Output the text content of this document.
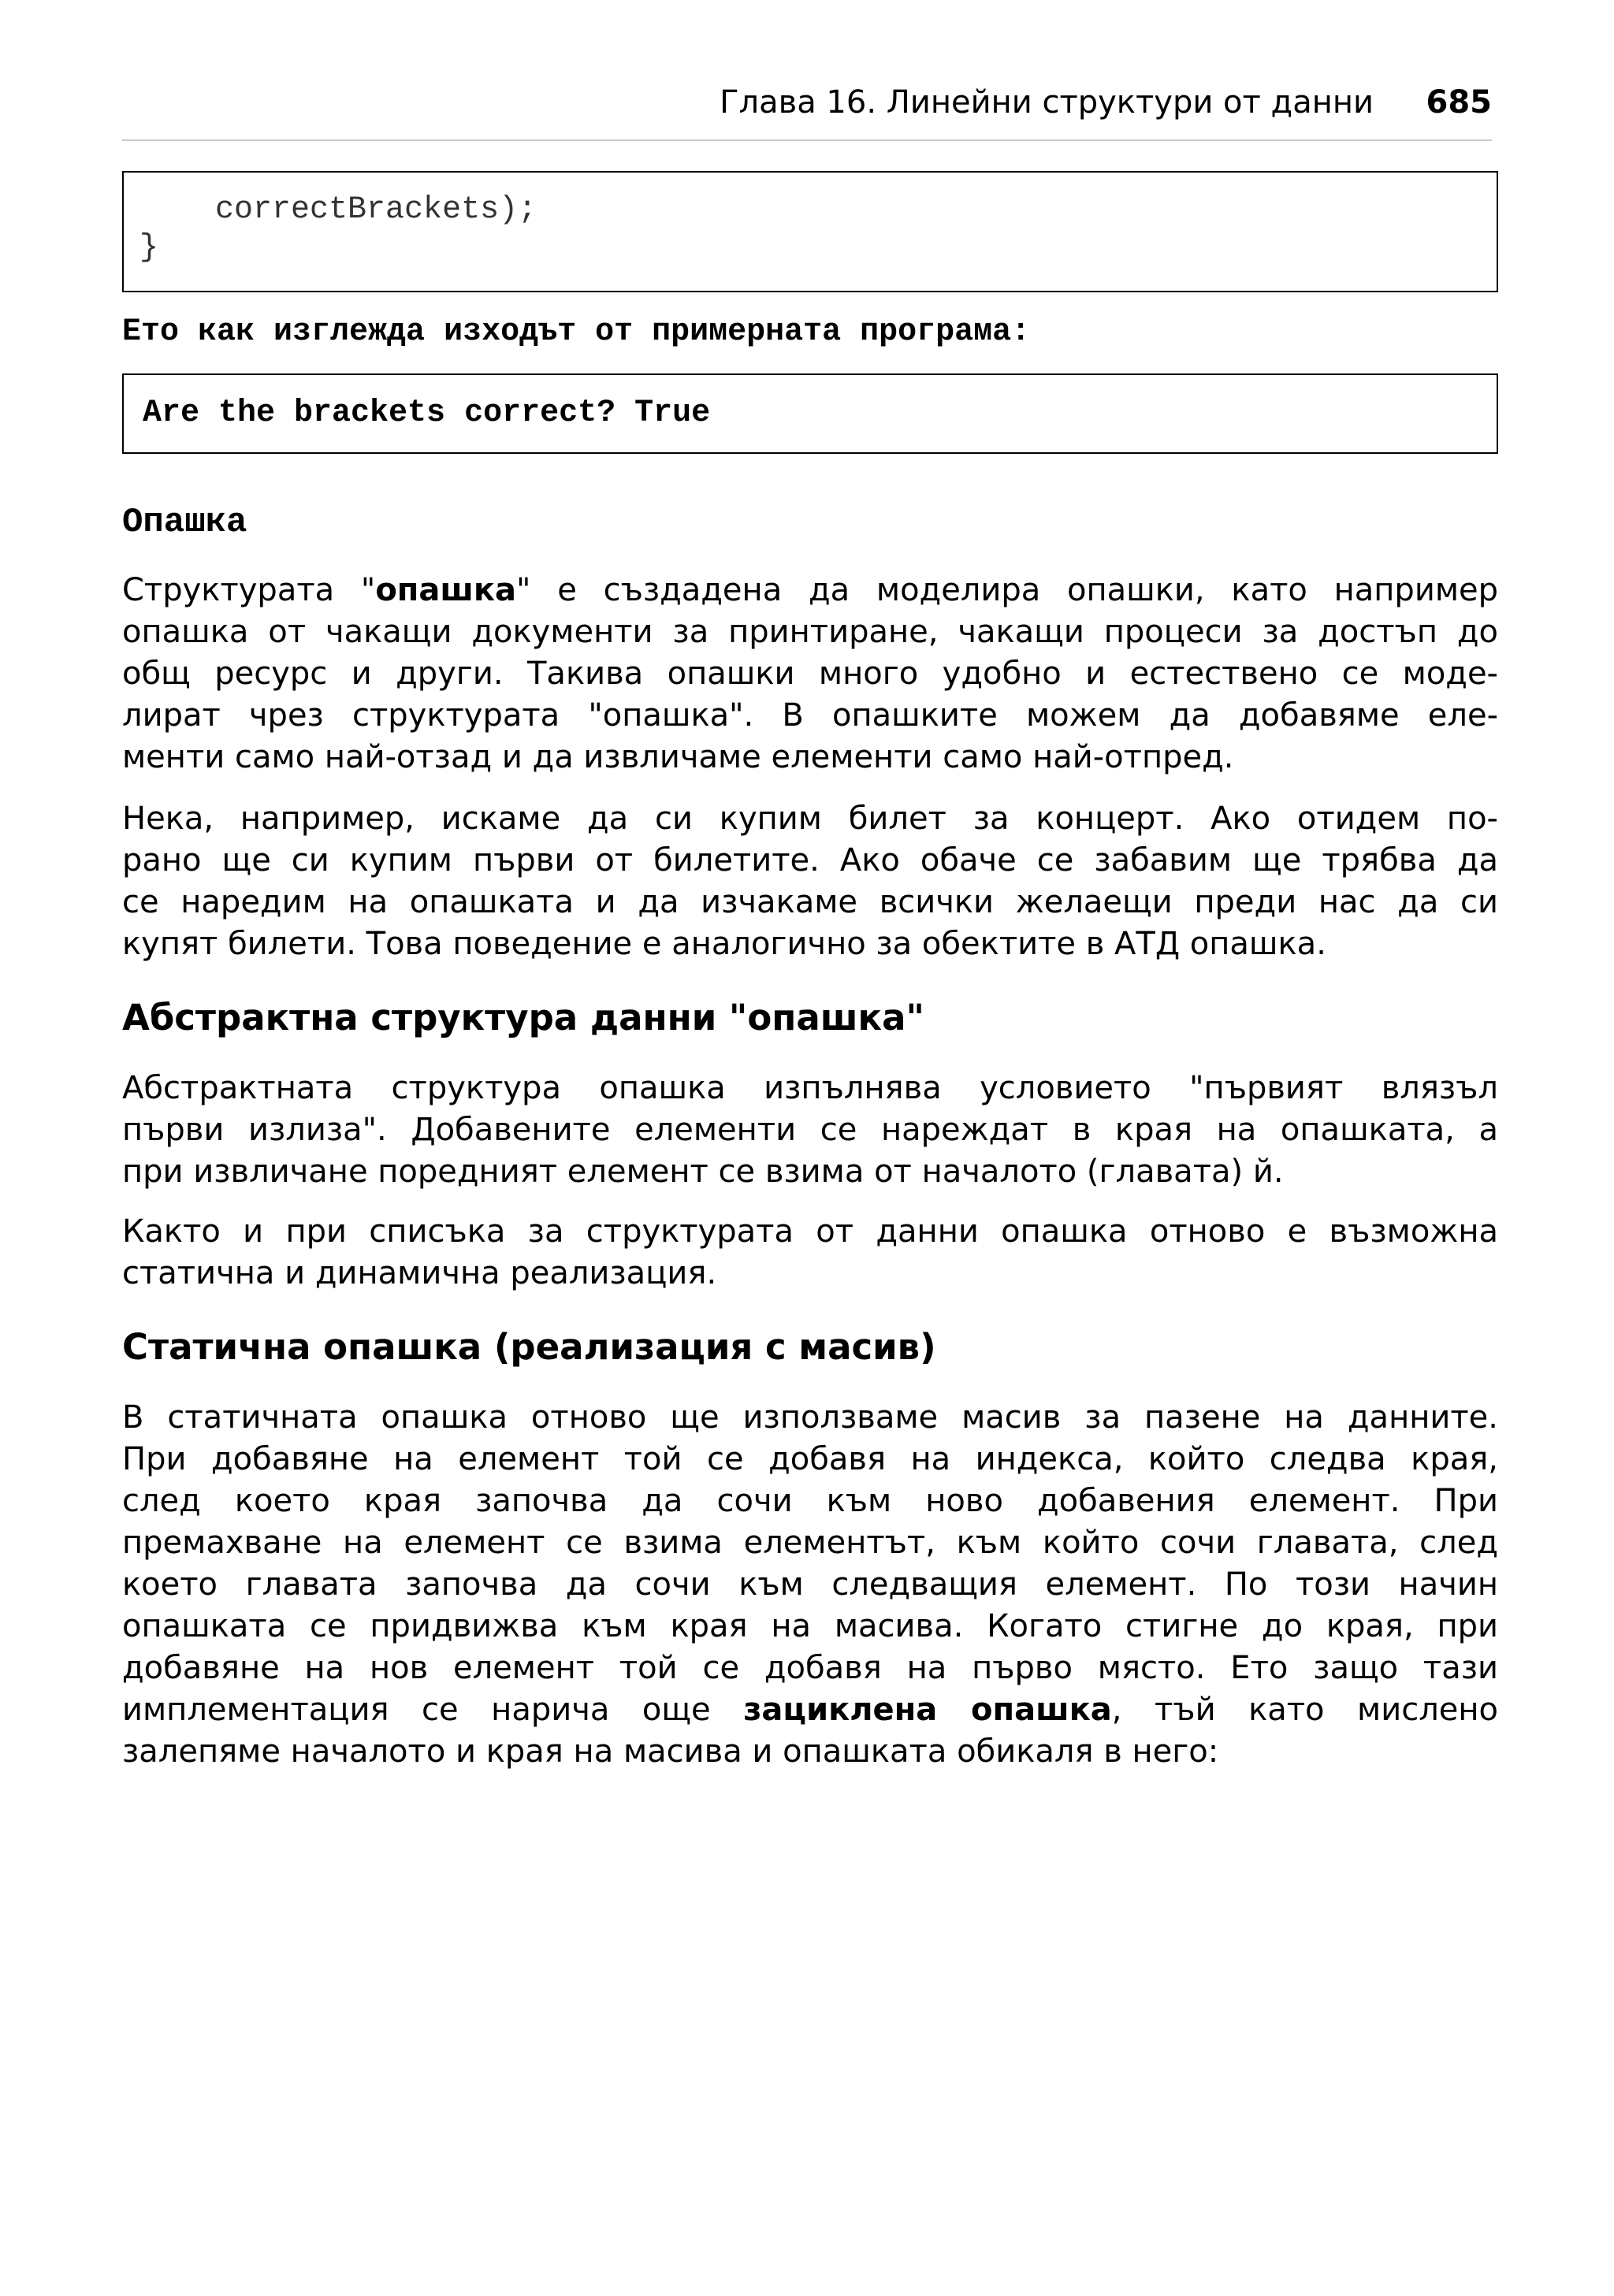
Глава 16. Линейни структури от данни 685
correctBrackets);
}
Ето как изглежда изходът от примерната програма:
Are the brackets correct? True
Опашка
Структурата "опашка" е създадена да моделира опашки, като например
опашка от чакащи документи за принтиране, чакащи процеси за достъп до
общ ресурс и други. Такива опашки много удобно и естествено се моде-
лират чрез структурата "опашка". В опашките можем да добавяме еле-
менти само най-отзад и да извличаме елементи само най-отпред.
Нека, например, искаме да си купим билет за концерт. Ако отидем по-
рано ще си купим първи от билетите. Ако обаче се забавим ще трябва да
се наредим на опашката и да изчакаме всички желаещи преди нас да си
купят билети. Това поведение е аналогично за обектите в АТД опашка.
Абстрактна структура данни "опашка"
Абстрактната структура опашка изпълнява условието "първият влязъл
първи излиза". Добавените елементи се нареждат в края на опашката, а
при извличане поредният елемент се взима от началото (главата) й.
Както и при списъка за структурата от данни опашка отново е възможна
статична и динамична реализация.
Статична опашка (реализация с масив)
В статичната опашка отново ще използваме масив за пазене на данните.
При добавяне на елемент той се добавя на индекса, който следва края,
след което края започва да сочи към ново добавения елемент. При
премахване на елемент се взима елементът, към който сочи главата, след
което главата започва да сочи към следващия елемент. По този начин
опашката се придвижва към края на масива. Когато стигне до края, при
добавяне на нов елемент той се добавя на първо място. Ето защо тази
имплементация се нарича още зациклена опашка, тъй като мислено
залепяме началото и края на масива и опашката обикаля в него:
